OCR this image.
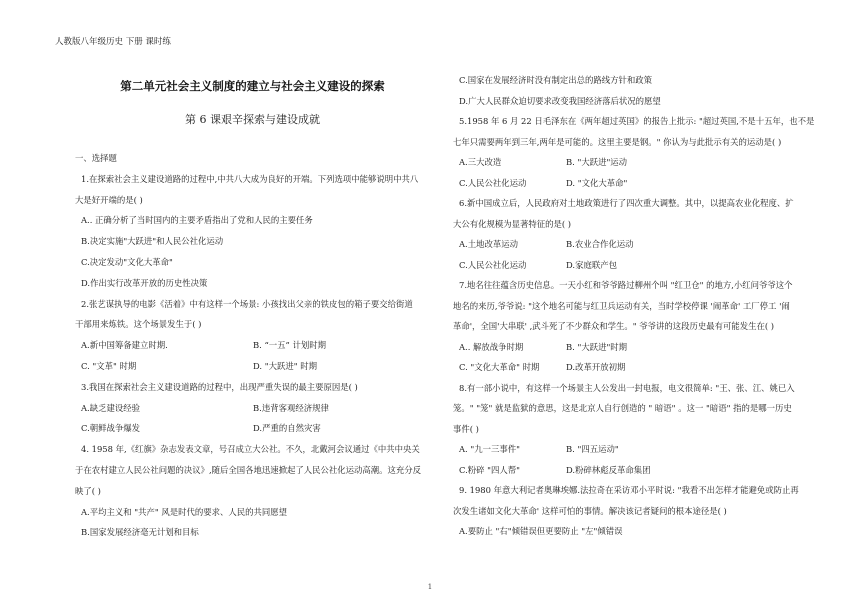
人教版八年级历史 下册 课时练
第二单元社会主义制度的建立与社会主义建设的探索
第 6 课艰辛探索与建设成就
一、选择题
1.在探索社会主义建设道路的过程中,中共八大成为良好的开端。下列选项中能够说明中共八
大是好开端的是( )
A.. 正确分析了当时国内的主要矛盾指出了党和人民的主要任务
B.决定实施"大跃进"和人民公社化运动
C.决定发动"文化大革命"
D.作出实行改革开放的历史性决策
2.张艺谋执导的电影《活着》中有这样一个场景: 小孩找出父亲的铁皮包的箱子要交给街道
干部用来炼铁。这个场景发生于( )
A.新中国筹备建立时期.	B. “一五” 计划时期
C. "文革" 时期	D. "大跃进" 时期
3.我国在探索社会主义建设道路的过程中，出现严重失误的最主要原因是( )
A.缺乏建设经验	B.违背客观经济规律
C.朝鲜战争爆发	D.严重的自然灾害
4. 1958 年,《红旗》杂志发表文章，号召成立大公社。不久，北戴河会议通过《中共中央关
于在农村建立人民公社问题的决议》,随后全国各地迅速掀起了人民公社化运动高潮。这充分反
映了( )
A.平均主义和 "共产" 风是时代的要求、人民的共同愿望
B.国家发展经济毫无计划和目标
C.国家在发展经济时没有制定出总的路线方针和政策
D.广大人民群众迫切要求改变我国经济落后状况的愿望
5.1958 年 6 月 22 日毛泽东在《两年超过英国》的报告上批示: "超过英国,不是十五年，也不是
七年只需要两年到三年,两年是可能的。这里主要是钢。" 你认为与此批示有关的运动是( )
A.三大改造	B. "大跃进"运动
C.人民公社化运动	D. "文化大革命"
6.新中国成立后，人民政府对土地政策进行了四次重大调整。其中，以提高农业化程度、扩
大公有化规模为显著特征的是( )
A.土地改革运动	B.农业合作化运动
C.人民公社化运动	D.家庭联产包
7.地名往往蕴含历史信息。一天小红和爷爷路过柳州个叫 "红卫仓" 的地方,小红问爷爷这个
地名的来历,爷爷说: "这个地名可能与红卫兵运动有关，当时学校停课 '闹革命' 工厂停工 '闹
革命'，全国'大串联' ,武斗死了不少群众和学生。" 爷爷讲的这段历史最有可能发生在( )
A.. 解放战争时期	B. "大跃进"时期
C. "文化大革命" 时期	D.改革开放初期
8.有一部小说中，有这样一个场景主人公发出一封电报，电文很简单: "王、张、江、姚已入
笼。" "笼" 就是监狱的意思，这是北京人自行创造的 " 暗语" 。这一 "暗语" 指的是哪一历史
事件( )
A. "九一三事件"	B. "四五运动"
C.粉碎 "四人帮"	D.粉碎林彪反革命集团
9. 1980 年意大利记者奥琳埃娜.法拉奇在采访邓小平时说: "我看不出怎样才能避免或防止再
次发生诸如文化大革命' 这样可怕的事情。解决该记者疑问的根本途径是( )
A.要防止 "右"倾错误但更要防止 "左"倾错误
1
